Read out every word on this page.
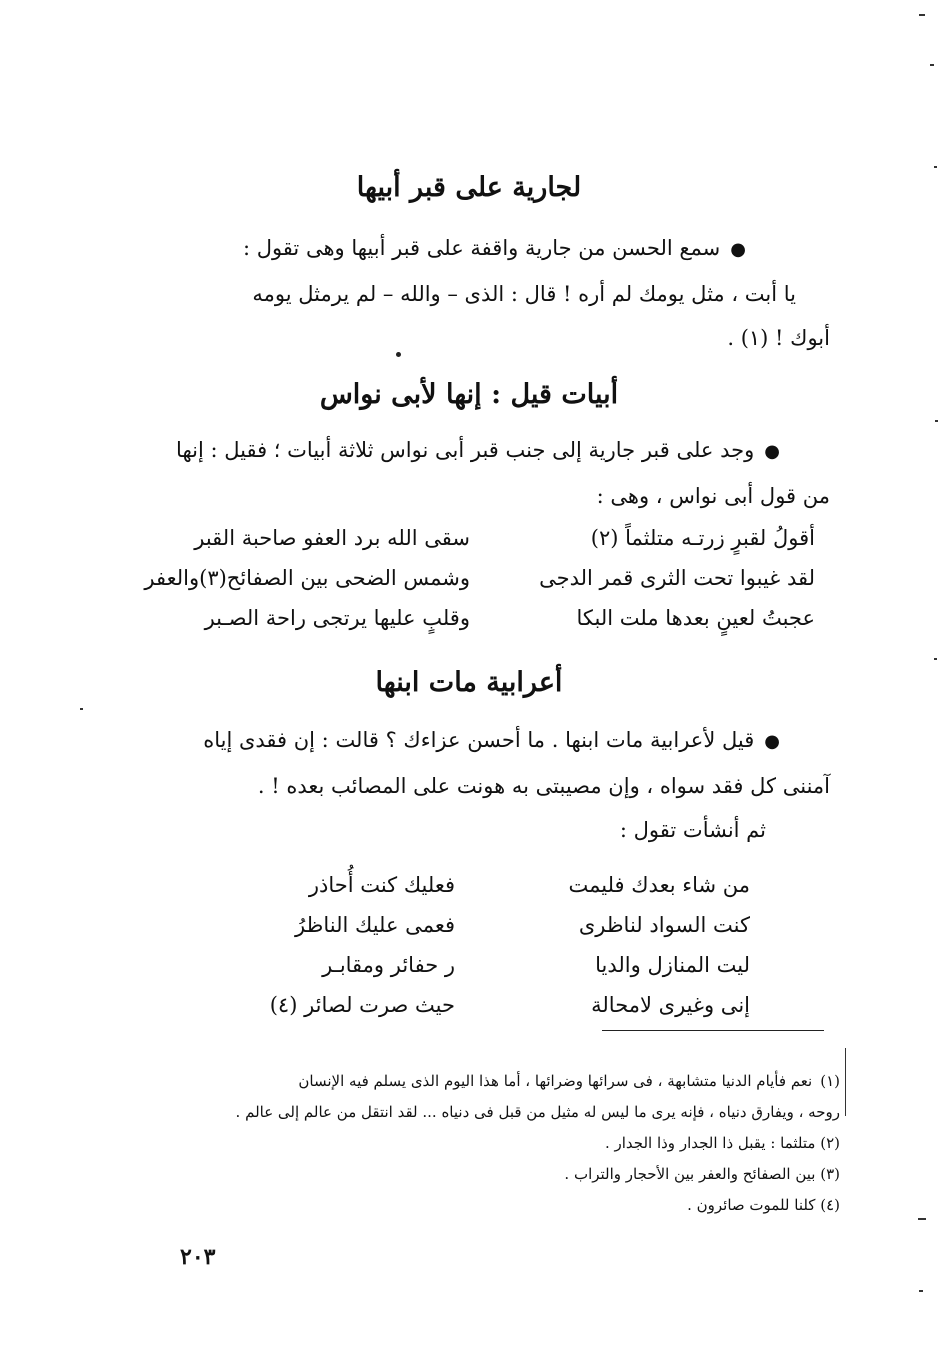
لجارية على قبر أبيها

●سمع الحسن من جارية واقفة على قبر أبيها وهى تقول :

يا أبت ، مثل يومك لم أره ! قال : الذى – والله – لم يرمثل يومه

أبوك ! (١) .

أبيات قيل : إنها لأبى نواس

●وجد على قبر جارية إلى جنب قبر أبى نواس ثلاثة أبيات ؛ فقيل : إنها

من قول أبى نواس ، وهى :

أقولُ لقبرٍ زرتـه متلثماً (٢)
سقى الله برد العفو صاحبة القبر
لقد غيبوا تحت الثرى قمر الدجى
وشمس الضحى بين الصفائح(٣)والعفر
عجبتُ لعينٍ بعدها ملت البكا
وقلبٍ عليها يرتجى راحة الصـبر
أعرابية مات ابنها

●قيل لأعرابية مات ابنها . ما أحسن عزاءك ؟ قالت : إن فقدى إياه

آمننى كل فقد سواه ، وإن مصيبتى به هونت على المصائب بعده ! .

ثم أنشأت تقول :

من شاء بعدك فليمت
فعليك كنت أُحاذر
كنت السواد لناظرى
فعمى عليك الناظرُ
ليت المنازل والديا
ر حفائر ومقابـر
إنى وغيرى لامحالة
حيث صرت لصائر (٤)

(١)نعم فأيام الدنيا متشابهة ، فى سرائها وضرائها ، أما هذا اليوم الذى يسلم فيه الإنسان

روحه ، ويفارق دنياه ، فإنه يرى ما ليس له مثيل من قبل فى دنياه ... لقد انتقل من عالم إلى عالم .

(٢) متلثما : يقبل ذا الجدار وذا الجدار .

(٣) بين الصفائح والعفر بين الأحجار والتراب .

(٤) كلنا للموت صائرون .

٢٠٣
